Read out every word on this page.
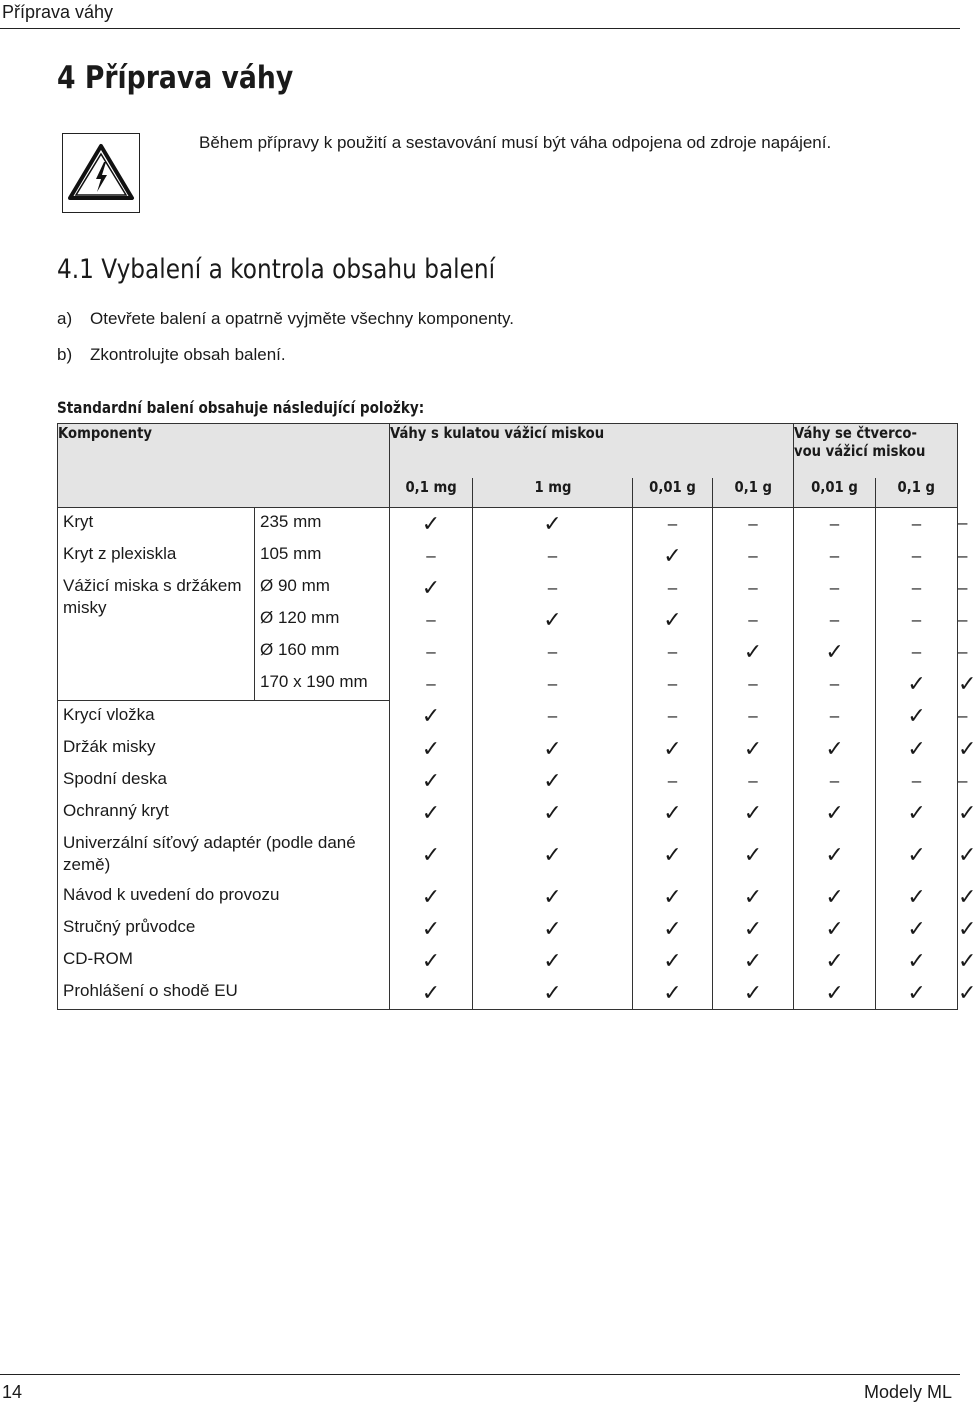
Příprava váhy
4 Příprava váhy
Během přípravy k použití a sestavování musí být váha odpojena od zdroje napájení.
4.1 Vybalení a kontrola obsahu balení
a) Otevřete balení a opatrně vyjměte všechny komponenty.
b) Zkontrolujte obsah balení.
Standardní balení obsahuje následující položky:
Komponenty		Váhy s kulatou vážicí miskou				Váhy se čtverco-
vou vážicí miskou		
		0,1 mg	1 mg	0,01 g	0,1 g	0,01 g	0,1 g	
Kryt	235 mm	✓	✓	–	–	–	–	–
Kryt z plexiskla	105 mm	–	–	✓	–	–	–	–
Vážicí miska s držákem misky	Ø 90 mm	✓	–	–	–	–	–	–
	Ø 120 mm	–	✓	✓	–	–	–	–
	Ø 160 mm	–	–	–	✓	✓	–	–
	170 x 190 mm	–	–	–	–	–	✓	✓
Krycí vložka		✓	–	–	–	–	✓	–
Držák misky		✓	✓	✓	✓	✓	✓	✓
Spodní deska		✓	✓	–	–	–	–	–
Ochranný kryt		✓	✓	✓	✓	✓	✓	✓
Univerzální síťový adaptér (podle dané země)		✓	✓	✓	✓	✓	✓	✓
Návod k uvedení do provozu		✓	✓	✓	✓	✓	✓	✓
Stručný průvodce		✓	✓	✓	✓	✓	✓	✓
CD-ROM		✓	✓	✓	✓	✓	✓	✓
Prohlášení o shodě EU		✓	✓	✓	✓	✓	✓	✓
14	Modely ML
